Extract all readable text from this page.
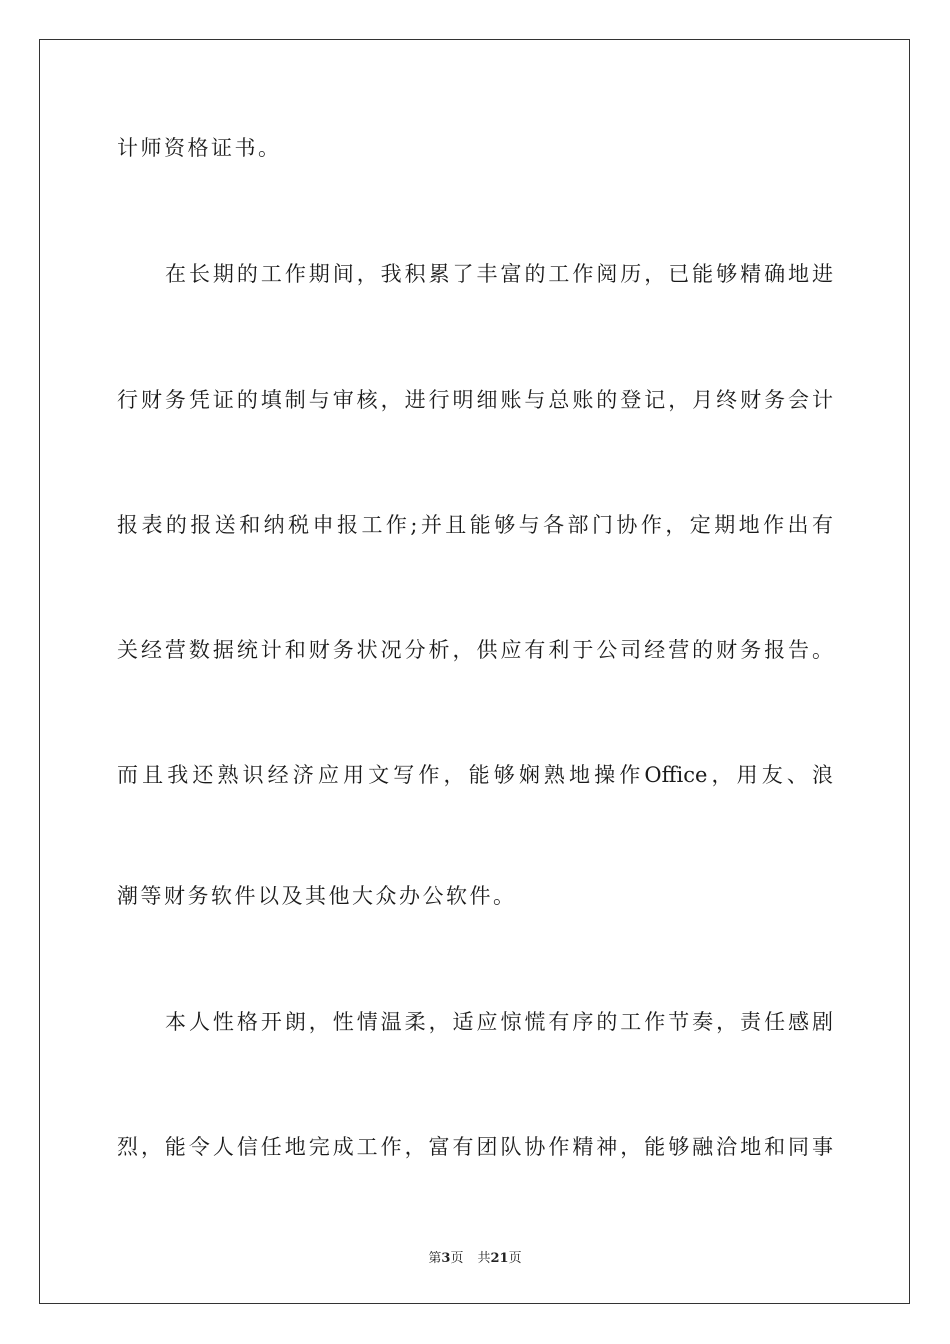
计师资格证书。
在长期的工作期间，我积累了丰富的工作阅历，已能够精确地进
行财务凭证的填制与审核，进行明细账与总账的登记，月终财务会计
报表的报送和纳税申报工作;并且能够与各部门协作，定期地作出有
关经营数据统计和财务状况分析，供应有利于公司经营的财务报告。
而且我还熟识经济应用文写作，能够娴熟地操作Office，用友、浪
潮等财务软件以及其他大众办公软件。
本人性格开朗，性情温柔，适应惊慌有序的工作节奏，责任感剧
烈，能令人信任地完成工作，富有团队协作精神，能够融洽地和同事
第3页 共21页
